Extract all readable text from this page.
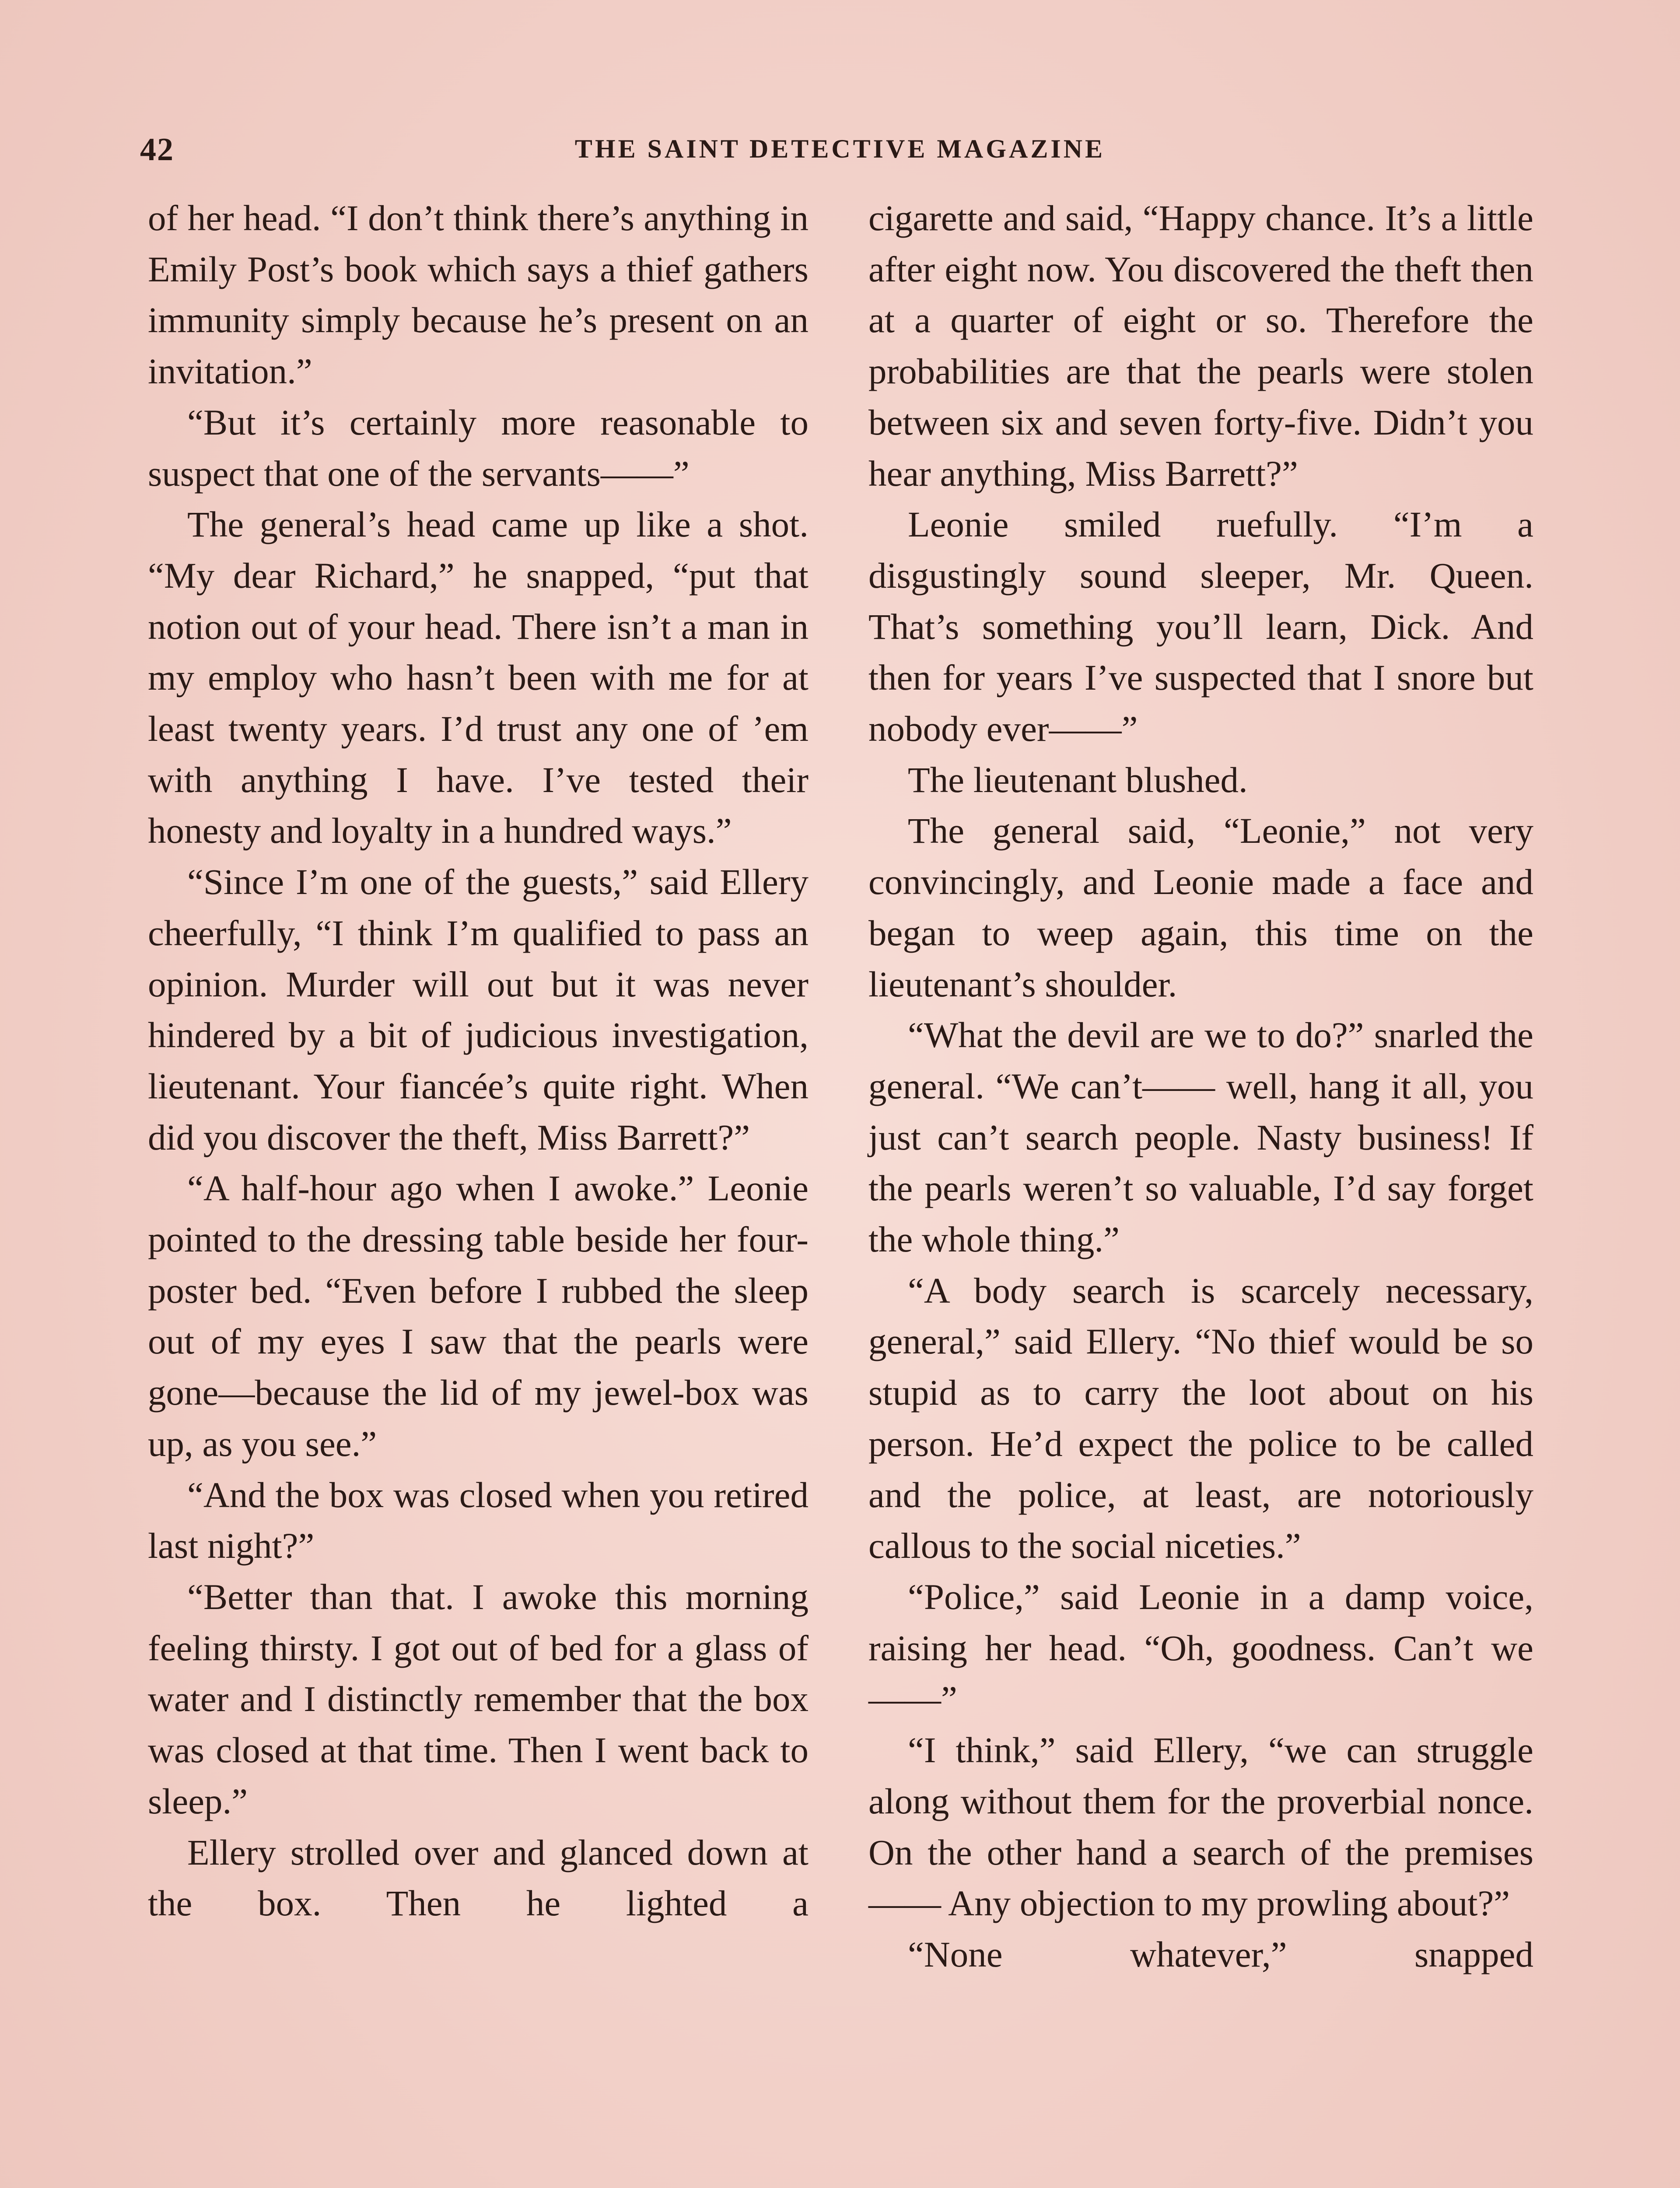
42	THE SAINT DETECTIVE MAGAZINE

of her head. “I don’t think there’s anything in Emily Post’s book which says a thief gathers immunity simply because he’s present on an invitation.”

“But it’s certainly more reasonable to suspect that one of the servants——”

The general’s head came up like a shot. “My dear Richard,” he snapped, “put that notion out of your head. There isn’t a man in my employ who hasn’t been with me for at least twenty years. I’d trust any one of ’em with anything I have. I’ve tested their honesty and loyalty in a hundred ways.”

“Since I’m one of the guests,” said Ellery cheerfully, “I think I’m qualified to pass an opinion. Murder will out but it was never hindered by a bit of judicious investigation, lieutenant. Your fiancée’s quite right. When did you discover the theft, Miss Barrett?”

“A half-hour ago when I awoke.” Leonie pointed to the dressing table beside her four-poster bed. “Even before I rubbed the sleep out of my eyes I saw that the pearls were gone—because the lid of my jewel-box was up, as you see.”

“And the box was closed when you retired last night?”

“Better than that. I awoke this morning feeling thirsty. I got out of bed for a glass of water and I distinctly remember that the box was closed at that time. Then I went back to sleep.”

Ellery strolled over and glanced down at the box. Then he lighted a

cigarette and said, “Happy chance. It’s a little after eight now. You discovered the theft then at a quarter of eight or so. Therefore the probabilities are that the pearls were stolen between six and seven forty-five. Didn’t you hear anything, Miss Barrett?”

Leonie smiled ruefully. “I’m a disgustingly sound sleeper, Mr. Queen. That’s something you’ll learn, Dick. And then for years I’ve suspected that I snore but nobody ever——”

The lieutenant blushed.

The general said, “Leonie,” not very convincingly, and Leonie made a face and began to weep again, this time on the lieutenant’s shoulder.

“What the devil are we to do?” snarled the general. “We can’t—— well, hang it all, you just can’t search people. Nasty business! If the pearls weren’t so valuable, I’d say forget the whole thing.”

“A body search is scarcely necessary, general,” said Ellery. “No thief would be so stupid as to carry the loot about on his person. He’d expect the police to be called and the police, at least, are notoriously callous to the social niceties.”

“Police,” said Leonie in a damp voice, raising her head. “Oh, goodness. Can’t we——”

“I think,” said Ellery, “we can struggle along without them for the proverbial nonce. On the other hand a search of the premises—— Any objection to my prowling about?”

“None whatever,” snapped
